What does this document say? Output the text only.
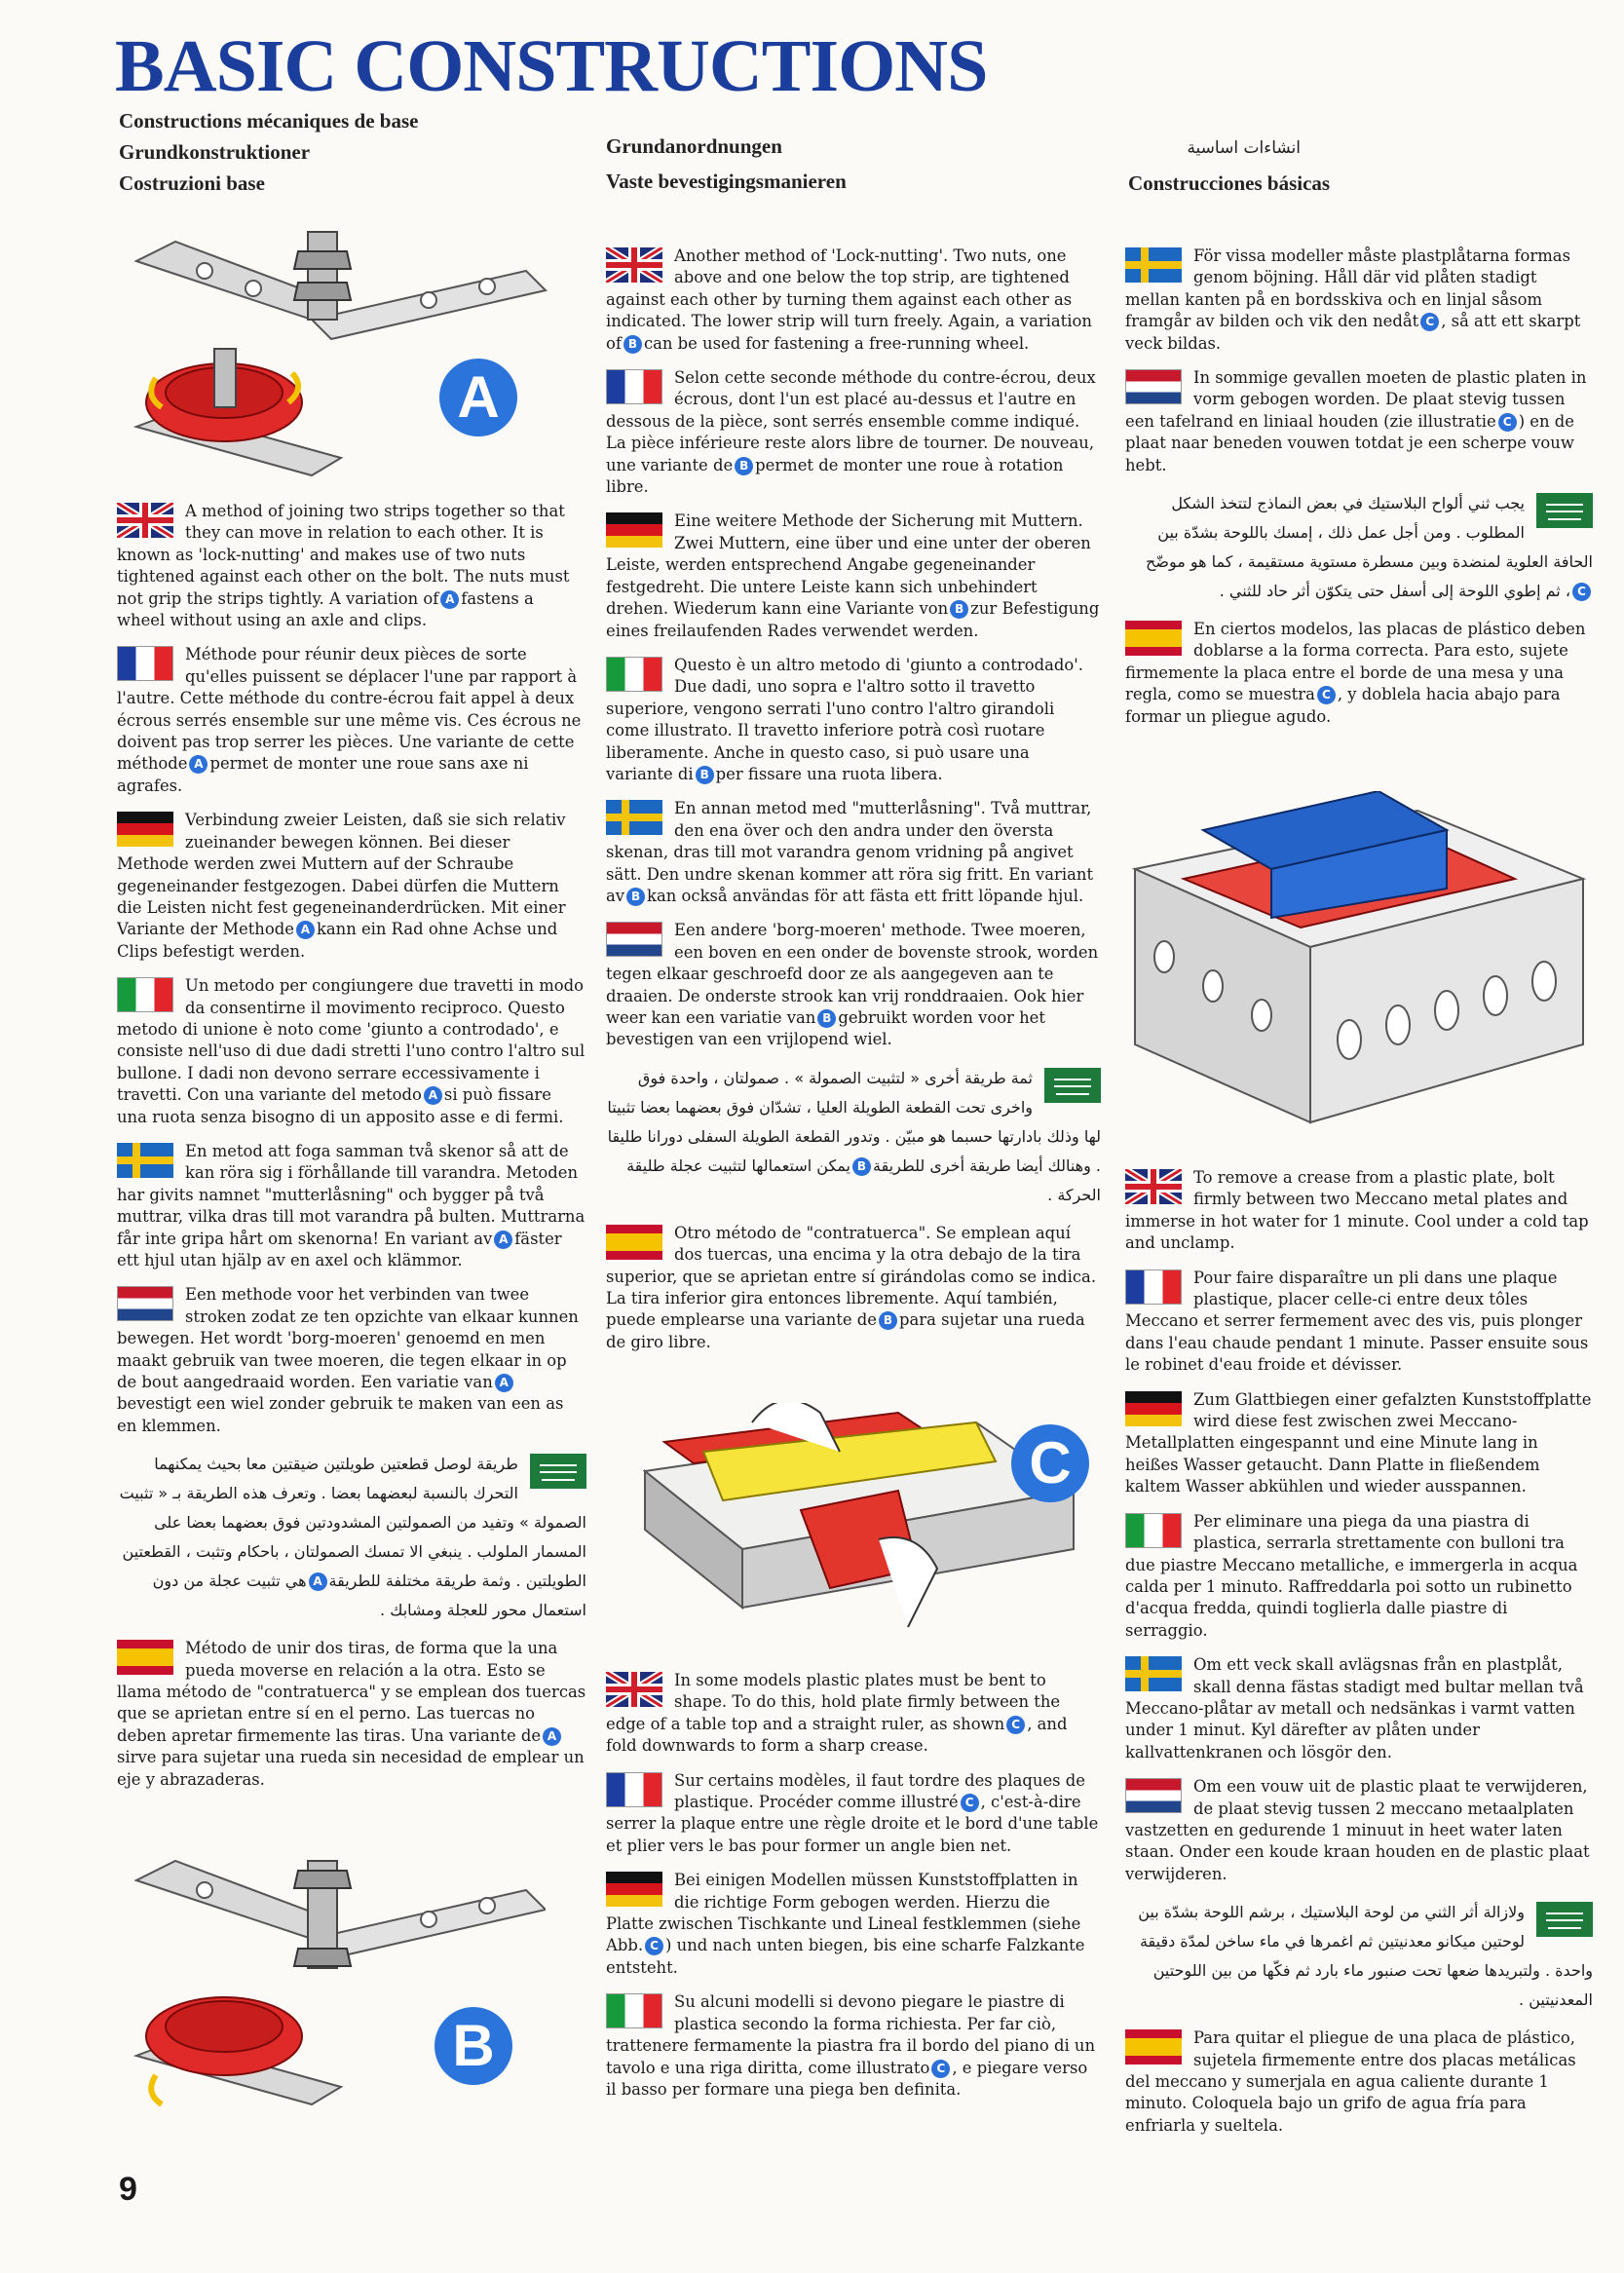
BASIC CONSTRUCTIONS
Constructions mécaniques de base
Grundkonstruktioner
Costruzioni base
Grundanordnungen
Vaste bevestigingsmanieren
انشاءات اساسية
Construcciones básicas
A
B
C
A method of joining two strips together so that they can move in relation to each other. It is known as 'lock-nutting' and makes use of two nuts tightened against each other on the bolt. The nuts must not grip the strips tightly. A variation of A fastens a wheel without using an axle and clips.
Méthode pour réunir deux pièces de sorte qu'elles puissent se déplacer l'une par rapport à l'autre. Cette méthode du contre-écrou fait appel à deux écrous serrés ensemble sur une même vis. Ces écrous ne doivent pas trop serrer les pièces. Une variante de cette méthode A permet de monter une roue sans axe ni agrafes.
Verbindung zweier Leisten, daß sie sich relativ zueinander bewegen können. Bei dieser Methode werden zwei Muttern auf der Schraube gegeneinander festgezogen. Dabei dürfen die Muttern die Leisten nicht fest gegeneinanderdrücken. Mit einer Variante der Methode A kann ein Rad ohne Achse und Clips befestigt werden.
Un metodo per congiungere due travetti in modo da consentirne il movimento reciproco. Questo metodo di unione è noto come 'giunto a controdado', e consiste nell'uso di due dadi stretti l'uno contro l'altro sul bullone. I dadi non devono serrare eccessivamente i travetti. Con una variante del metodo A si può fissare una ruota senza bisogno di un apposito asse e di fermi.
En metod att foga samman två skenor så att de kan röra sig i förhållande till varandra. Metoden har givits namnet "mutterlåsning" och bygger på två muttrar, vilka dras till mot varandra på bulten. Muttrarna får inte gripa hårt om skenorna! En variant av A fäster ett hjul utan hjälp av en axel och klämmor.
Een methode voor het verbinden van twee stroken zodat ze ten opzichte van elkaar kunnen bewegen. Het wordt 'borg-moeren' genoemd en men maakt gebruik van twee moeren, die tegen elkaar in op de bout aangedraaid worden. Een variatie van Abevestigt een wiel zonder gebruik te maken van een as en klemmen.
طريقة لوصل قطعتين طويلتين ضيقتين معا بحيث يمكنهما التحرك بالنسبة لبعضهما بعضا . وتعرف هذه الطريقة بـ « تثبيت الصمولة » وتفيد من الصمولتين المشدودتين فوق بعضهما بعضا على المسمار الملولب . ينبغي الا تمسك الصمولتان ، باحكام وتثبت ، القطعتين الطويلتين . وثمة طريقة مختلفة للطريقةAهي تثبيت عجلة من دون استعمال محور للعجلة ومشابك .
Método de unir dos tiras, de forma que la una pueda moverse en relación a la otra. Esto se llama método de "contratuerca" y se emplean dos tuercas que se aprietan entre sí en el perno. Las tuercas no deben apretar firmemente las tiras. Una variante de Asirve para sujetar una rueda sin necesidad de emplear un eje y abrazaderas.
Another method of 'Lock-nutting'. Two nuts, one above and one below the top strip, are tightened against each other by turning them against each other as indicated. The lower strip will turn freely. Again, a variation of B can be used for fastening a free-running wheel.
Selon cette seconde méthode du contre-écrou, deux écrous, dont l'un est placé au-dessus et l'autre en dessous de la pièce, sont serrés ensemble comme indiqué. La pièce inférieure reste alors libre de tourner. De nouveau, une variante de B permet de monter une roue à rotation libre.
Eine weitere Methode der Sicherung mit Muttern. Zwei Muttern, eine über und eine unter der oberen Leiste, werden entsprechend Angabe gegeneinander festgedreht. Die untere Leiste kann sich unbehindert drehen. Wiederum kann eine Variante von B zur Befestigung eines freilaufenden Rades verwendet werden.
Questo è un altro metodo di 'giunto a controdado'. Due dadi, uno sopra e l'altro sotto il travetto superiore, vengono serrati l'uno contro l'altro girandoli come illustrato. Il travetto inferiore potrà così ruotare liberamente. Anche in questo caso, si può usare una variante di B per fissare una ruota libera.
En annan metod med "mutterlåsning". Två muttrar, den ena över och den andra under den översta skenan, dras till mot varandra genom vridning på angivet sätt. Den undre skenan kommer att röra sig fritt. En variant av B kan också användas för att fästa ett fritt löpande hjul.
Een andere 'borg-moeren' methode. Twee moeren, een boven en een onder de bovenste strook, worden tegen elkaar geschroefd door ze als aangegeven aan te draaien. De onderste strook kan vrij ronddraaien. Ook hier weer kan een variatie van B gebruikt worden voor het bevestigen van een vrijlopend wiel.
ثمة طريقة أخرى « لتثبيت الصمولة » . صمولتان ، واحدة فوق واخرى تحت القطعة الطويلة العليا ، تشدّان فوق بعضهما بعضا تثبيتا لها وذلك بادارتها حسبما هو مبيّن . وتدور القطعة الطويلة السفلى دورانا طليقا . وهنالك أيضا طريقة أخرى للطريقةBيمكن استعمالها لتثبيت عجلة طليقة الحركة .
Otro método de "contratuerca". Se emplean aquí dos tuercas, una encima y la otra debajo de la tira superior, que se aprietan entre sí girándolas como se indica. La tira inferior gira entonces libremente. Aquí también, puede emplearse una variante de B para sujetar una rueda de giro libre.
In some models plastic plates must be bent to shape. To do this, hold plate firmly between the edge of a table top and a straight ruler, as shown C , and fold downwards to form a sharp crease.
Sur certains modèles, il faut tordre des plaques de plastique. Procéder comme illustré C , c'est-à-dire serrer la plaque entre une règle droite et le bord d'une table et plier vers le bas pour former un angle bien net.
Bei einigen Modellen müssen Kunststoffplatten in die richtige Form gebogen werden. Hierzu die Platte zwischen Tischkante und Lineal festklemmen (siehe Abb. C ) und nach unten biegen, bis eine scharfe Falzkante entsteht.
Su alcuni modelli si devono piegare le piastre di plastica secondo la forma richiesta. Per far ciò, trattenere fermamente la piastra fra il bordo del piano di un tavolo e una riga diritta, come illustrato C , e piegare verso il basso per formare una piega ben definita.
För vissa modeller måste plastplåtarna formas genom böjning. Håll där vid plåten stadigt mellan kanten på en bordsskiva och en linjal såsom framgår av bilden och vik den nedåt C , så att ett skarpt veck bildas.
In sommige gevallen moeten de plastic platen in vorm gebogen worden. De plaat stevig tussen een tafelrand en liniaal houden (zie illustratie C ) en de plaat naar beneden vouwen totdat je een scherpe vouw hebt.
يجب ثني ألواح البلاستيك في بعض النماذج لتتخذ الشكل المطلوب . ومن أجل عمل ذلك ، إمسك باللوحة بشدّة بين الحافة العلوية لمنضدة وبين مسطرة مستوية مستقيمة ، كما هو موضّحC، ثم إطوي اللوحة إلى أسفل حتى يتكوّن أثر حاد للثني .
En ciertos modelos, las placas de plástico deben doblarse a la forma correcta. Para esto, sujete firmemente la placa entre el borde de una mesa y una regla, como se muestra C , y doblela hacia abajo para formar un pliegue agudo.
To remove a crease from a plastic plate, bolt firmly between two Meccano metal plates and immerse in hot water for 1 minute. Cool under a cold tap and unclamp.
Pour faire disparaître un pli dans une plaque plastique, placer celle-ci entre deux tôles Meccano et serrer fermement avec des vis, puis plonger dans l'eau chaude pendant 1 minute. Passer ensuite sous le robinet d'eau froide et dévisser.
Zum Glattbiegen einer gefalzten Kunststoffplatte wird diese fest zwischen zwei Meccano-Metallplatten eingespannt und eine Minute lang in heißes Wasser getaucht. Dann Platte in fließendem kaltem Wasser abkühlen und wieder ausspannen.
Per eliminare una piega da una piastra di plastica, serrarla strettamente con bulloni tra due piastre Meccano metalliche, e immergerla in acqua calda per 1 minuto. Raffreddarla poi sotto un rubinetto d'acqua fredda, quindi toglierla dalle piastre di serraggio.
Om ett veck skall avlägsnas från en plastplåt, skall denna fästas stadigt med bultar mellan två Meccano-plåtar av metall och nedsänkas i varmt vatten under 1 minut. Kyl därefter av plåten under kallvattenkranen och lösgör den.
Om een vouw uit de plastic plaat te verwijderen, de plaat stevig tussen 2 meccano metaalplaten vastzetten en gedurende 1 minuut in heet water laten staan. Onder een koude kraan houden en de plastic plaat verwijderen.
ولازالة أثر الثني من لوحة البلاستيك ، برشم اللوحة بشدّة بين لوحتين ميكانو معدنيتين ثم اغمرها في ماء ساخن لمدّة دقيقة واحدة . ولتبريدها ضعها تحت صنبور ماء بارد ثم فكّها من بين اللوحتين المعدنيتين .
Para quitar el pliegue de una placa de plástico, sujetela firmemente entre dos placas metálicas del meccano y sumerjala en agua caliente durante 1 minuto. Coloquela bajo un grifo de agua fría para enfriarla y sueltela.
9
